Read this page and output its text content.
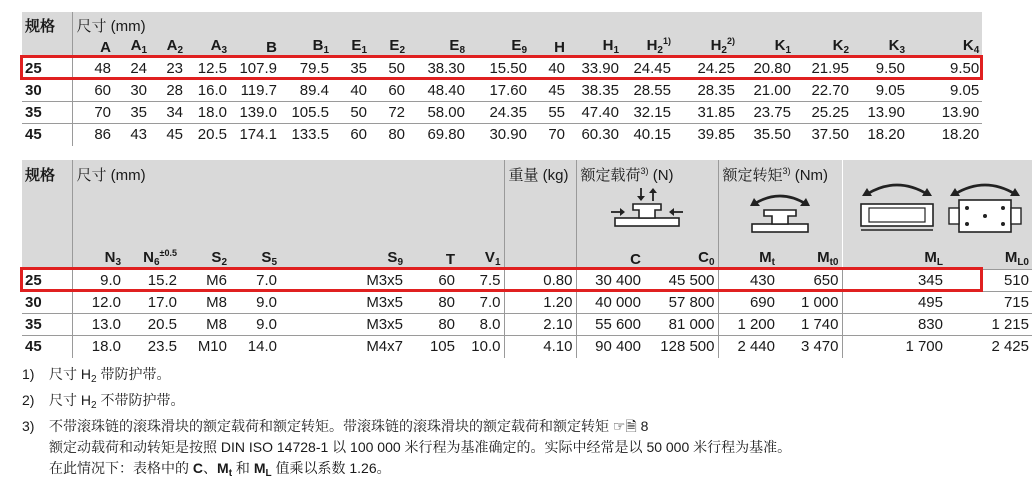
规格	尺寸 (mm)																	
	A	$A_1$	$A_2$	$A_3$	B	$B_1$	$E_1$	$E_2$	$E_8$	$E_9$	H	$H_1$	$H_2^{1)}$	$H_2^{2)}$	$K_1$	$K_2$	$K_3$	$K_4$
25	48	24	23	12.5	107.9	79.5	35	50	38.30	15.50	40	33.90	24.45	24.25	20.80	21.95	9.50	9.50
30	60	30	28	16.0	119.7	89.4	40	60	48.40	17.60	45	38.35	28.55	28.35	21.00	22.70	9.05	9.05
35	70	35	34	18.0	139.0	105.5	50	72	58.00	24.35	55	47.40	32.15	31.85	23.75	25.25	13.90	13.90
45	86	43	45	20.5	174.1	133.5	60	80	69.80	30.90	70	60.30	40.15	39.85	35.50	37.50	18.20	18.20
规格	尺寸 (mm)							重量 (kg)	额定载荷$^{3)}$ (N)		额定转矩$^{3)}$ (Nm)

	$N_3$	$N_6^{\pm 0.5}$	$S_2$	$S_5$	$S_9$	T	$V_1$		C	$C_0$	$M_t$	$M_{t0}$	$M_L$	$M_{L0}$
25	9.0	15.2	M6	7.0	M3x5	60	7.5	0.80	30 400	45 500	430	650	345	510
30	12.0	17.0	M8	9.0	M3x5	80	7.0	1.20	40 000	57 800	690	1 000	495	715
35	13.0	20.5	M8	9.0	M3x5	80	8.0	2.10	55 600	81 000	1 200	1 740	830	1 215
45	18.0	23.5	M10	14.0	M4x7	105	10.0	4.10	90 400	128 500	2 440	3 470	1 700	2 425
1)	尺寸 $H_2$ 带防护带。
2)	尺寸 $H_2$ 不带防护带。
3)	不带滚珠链的滚珠滑块的额定载荷和额定转矩。带滚珠链的滚珠滑块的额定载荷和额定转矩 ☞🗎 8
额定动载荷和动转矩是按照 DIN ISO 14728-1 以 100 000 米行程为基准确定的。实际中经常是以 50 000 米行程为基准。
在此情况下：表格中的 C、$M_t$ 和 $M_L$ 值乘以系数 1.26。
